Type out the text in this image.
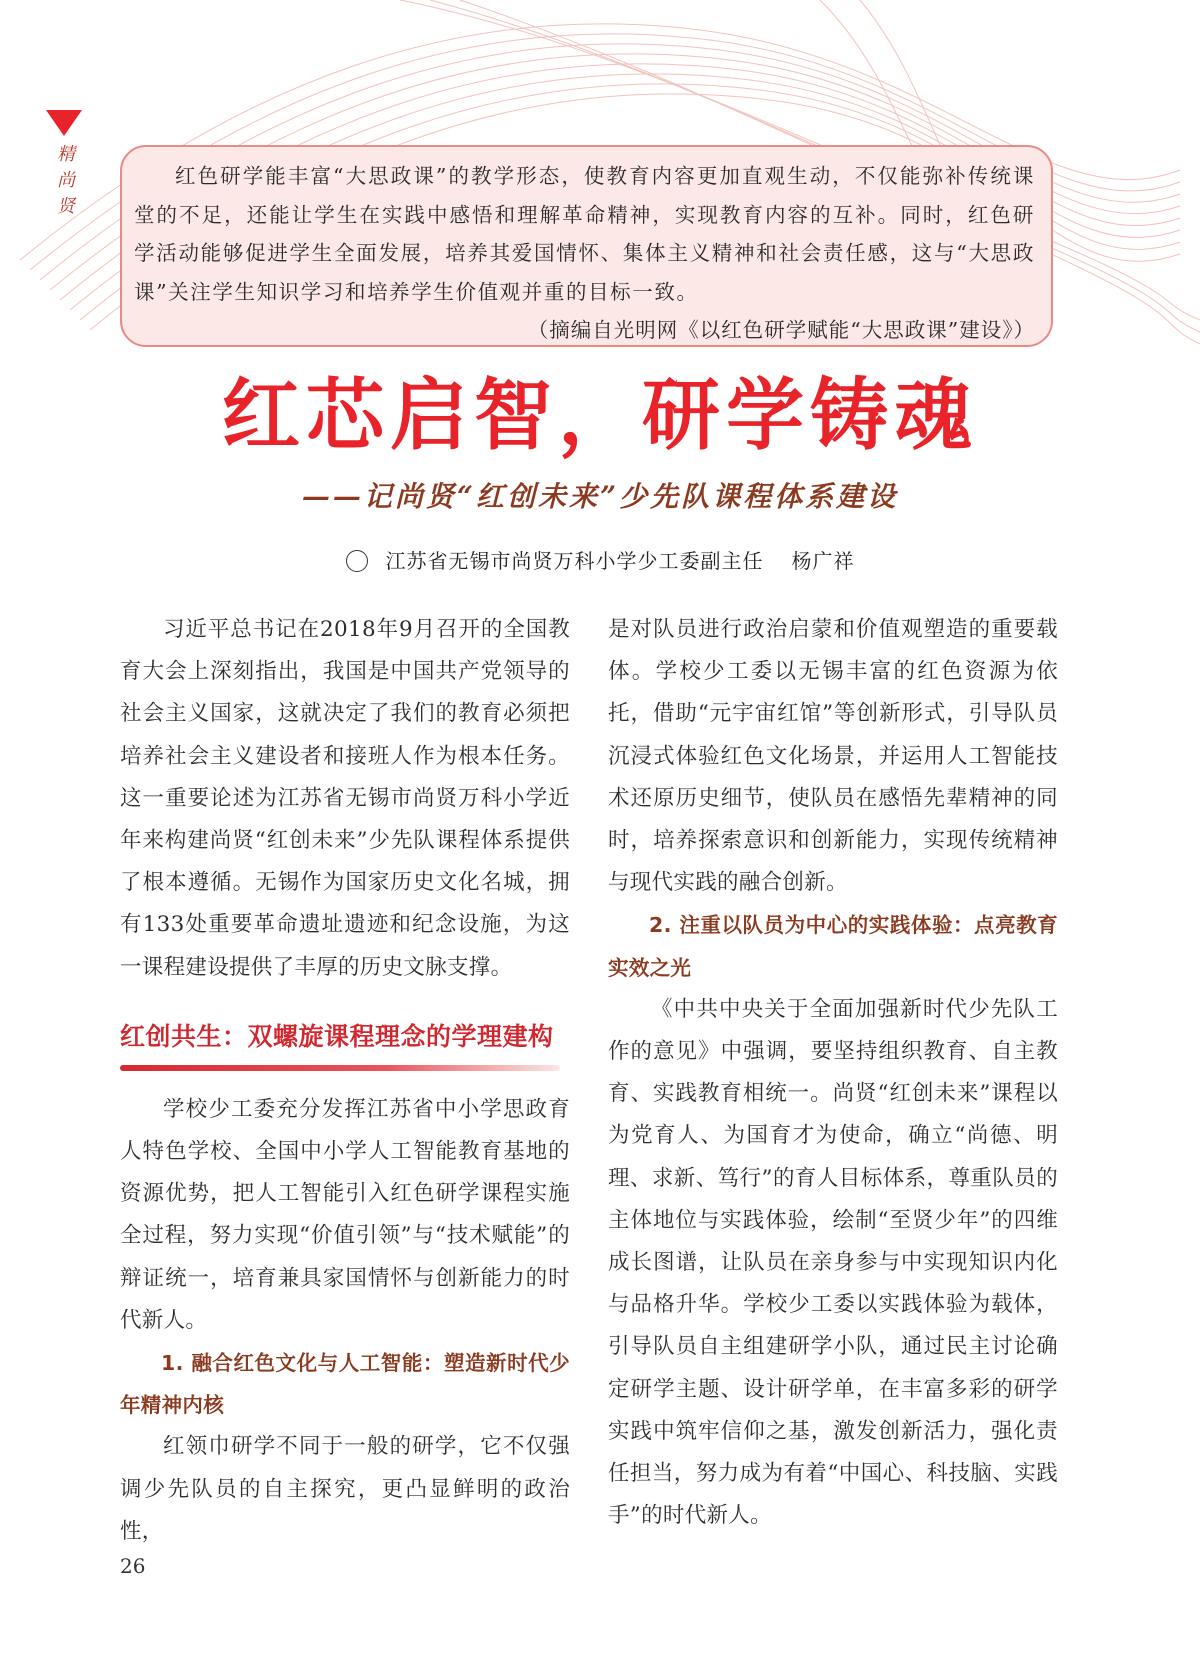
精尚贤

红色研学能丰富“大思政课”的教学形态，使教育内容更加直观生动，不仅能弥补传统课堂的不足，还能让学生在实践中感悟和理解革命精神，实现教育内容的互补。同时，红色研学活动能够促进学生全面发展，培养其爱国情怀、集体主义精神和社会责任感，这与“大思政课”关注学生知识学习和培养学生价值观并重的目标一致。

（摘编自光明网《以红色研学赋能“大思政课”建设》）

红芯启智，研学铸魂
——记尚贤“红创未来”少先队课程体系建设
江苏省无锡市尚贤万科小学少工委副主任 杨广祥

习近平总书记在2018年9月召开的全国教育大会上深刻指出，我国是中国共产党领导的社会主义国家，这就决定了我们的教育必须把培养社会主义建设者和接班人作为根本任务。这一重要论述为江苏省无锡市尚贤万科小学近年来构建尚贤“红创未来”少先队课程体系提供了根本遵循。无锡作为国家历史文化名城，拥有133处重要革命遗址遗迹和纪念设施，为这一课程建设提供了丰厚的历史文脉支撑。

红创共生：双螺旋课程理念的学理建构

学校少工委充分发挥江苏省中小学思政育人特色学校、全国中小学人工智能教育基地的资源优势，把人工智能引入红色研学课程实施全过程，努力实现“价值引领”与“技术赋能”的辩证统一，培育兼具家国情怀与创新能力的时代新人。

1. 融合红色文化与人工智能：塑造新时代少年精神内核

红领巾研学不同于一般的研学，它不仅强调少先队员的自主探究，更凸显鲜明的政治性，

是对队员进行政治启蒙和价值观塑造的重要载体。学校少工委以无锡丰富的红色资源为依托，借助“元宇宙红馆”等创新形式，引导队员沉浸式体验红色文化场景，并运用人工智能技术还原历史细节，使队员在感悟先辈精神的同时，培养探索意识和创新能力，实现传统精神与现代实践的融合创新。

2. 注重以队员为中心的实践体验：点亮教育实效之光

《中共中央关于全面加强新时代少先队工作的意见》中强调，要坚持组织教育、自主教育、实践教育相统一。尚贤“红创未来”课程以为党育人、为国育才为使命，确立“尚德、明理、求新、笃行”的育人目标体系，尊重队员的主体地位与实践体验，绘制“至贤少年”的四维成长图谱，让队员在亲身参与中实现知识内化与品格升华。学校少工委以实践体验为载体，引导队员自主组建研学小队，通过民主讨论确定研学主题、设计研学单，在丰富多彩的研学实践中筑牢信仰之基，激发创新活力，强化责任担当，努力成为有着“中国心、科技脑、实践手”的时代新人。

26
